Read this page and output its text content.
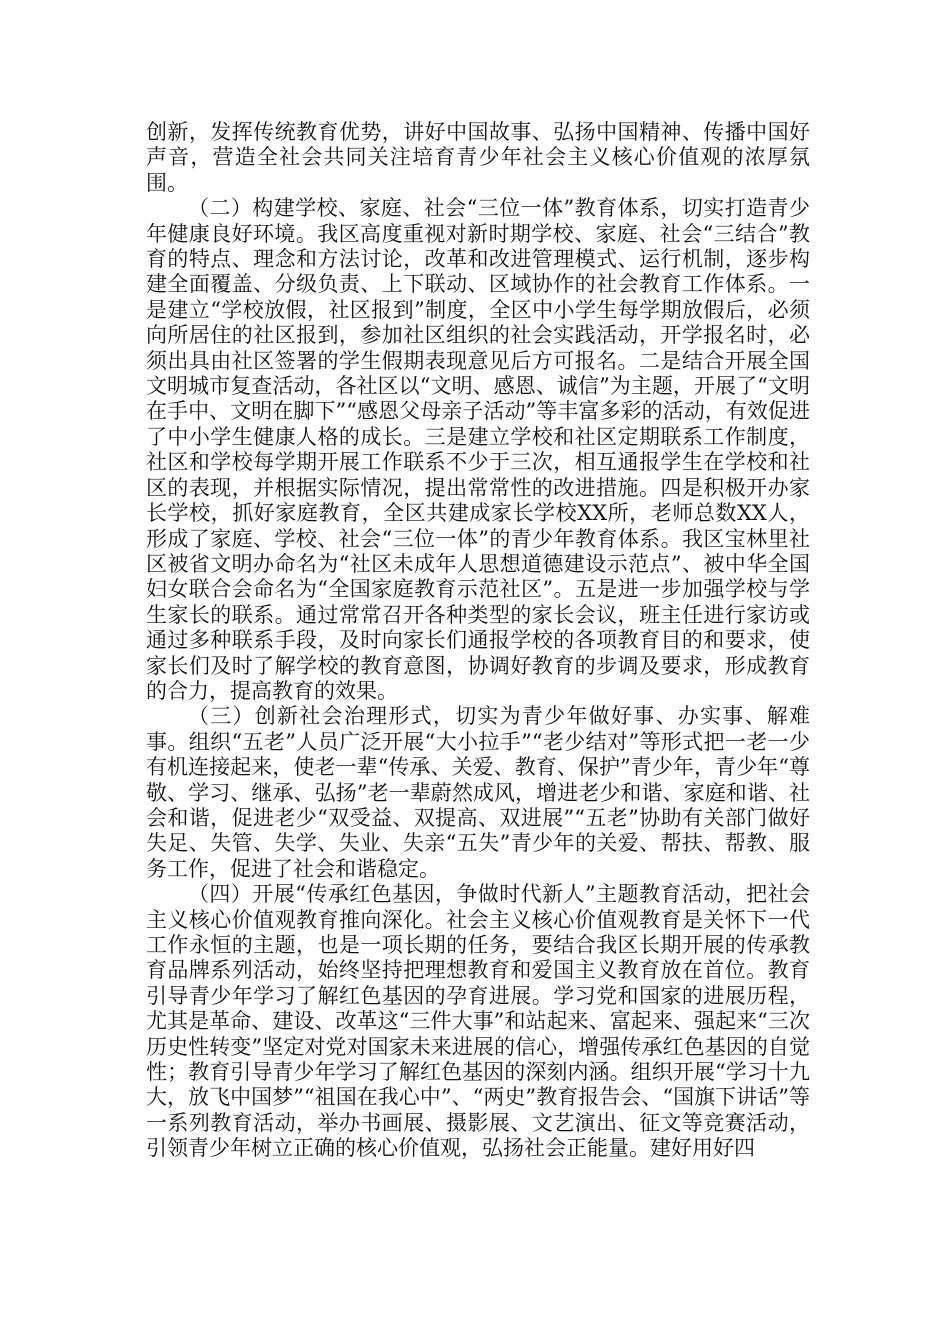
创新，发挥传统教育优势，讲好中国故事、弘扬中国精神、传播中国好声音，营造全社会共同关注培育青少年社会主义核心价值观的浓厚氛围。

（二）构建学校、家庭、社会“三位一体”教育体系，切实打造青少年健康良好环境。我区高度重视对新时期学校、家庭、社会“三结合”教育的特点、理念和方法讨论，改革和改进管理模式、运行机制，逐步构建全面覆盖、分级负责、上下联动、区域协作的社会教育工作体系。一是建立“学校放假，社区报到”制度，全区中小学生每学期放假后，必须向所居住的社区报到，参加社区组织的社会实践活动，开学报名时，必须出具由社区签署的学生假期表现意见后方可报名。二是结合开展全国文明城市复查活动，各社区以“文明、感恩、诚信”为主题，开展了“文明在手中、文明在脚下”“感恩父母亲子活动”等丰富多彩的活动，有效促进了中小学生健康人格的成长。三是建立学校和社区定期联系工作制度，社区和学校每学期开展工作联系不少于三次，相互通报学生在学校和社区的表现，并根据实际情况，提出常常性的改进措施。四是积极开办家长学校，抓好家庭教育，全区共建成家长学校XX所，老师总数XX人，形成了家庭、学校、社会“三位一体”的青少年教育体系。我区宝林里社区被省文明办命名为“社区未成年人思想道德建设示范点”、被中华全国妇女联合会命名为“全国家庭教育示范社区”。五是进一步加强学校与学生家长的联系。通过常常召开各种类型的家长会议，班主任进行家访或通过多种联系手段，及时向家长们通报学校的各项教育目的和要求，使家长们及时了解学校的教育意图，协调好教育的步调及要求，形成教育的合力，提高教育的效果。

（三）创新社会治理形式，切实为青少年做好事、办实事、解难事。组织“五老”人员广泛开展“大小拉手”“老少结对”等形式把一老一少有机连接起来，使老一辈“传承、关爱、教育、保护”青少年，青少年“尊敬、学习、继承、弘扬”老一辈蔚然成风，增进老少和谐、家庭和谐、社会和谐，促进老少“双受益、双提高、双进展”“五老”协助有关部门做好失足、失管、失学、失业、失亲“五失”青少年的关爱、帮扶、帮教、服务工作，促进了社会和谐稳定。

（四）开展“传承红色基因，争做时代新人”主题教育活动，把社会主义核心价值观教育推向深化。社会主义核心价值观教育是关怀下一代工作永恒的主题，也是一项长期的任务，要结合我区长期开展的传承教育品牌系列活动，始终坚持把理想教育和爱国主义教育放在首位。教育引导青少年学习了解红色基因的孕育进展。学习党和国家的进展历程，尤其是革命、建设、改革这“三件大事”和站起来、富起来、强起来“三次历史性转变”坚定对党对国家未来进展的信心，增强传承红色基因的自觉性；教育引导青少年学习了解红色基因的深刻内涵。组织开展“学习十九大，放飞中国梦”“祖国在我心中”、“两史”教育报告会、“国旗下讲话”等一系列教育活动，举办书画展、摄影展、文艺演出、征文等竞赛活动，引领青少年树立正确的核心价值观，弘扬社会正能量。建好用好四
